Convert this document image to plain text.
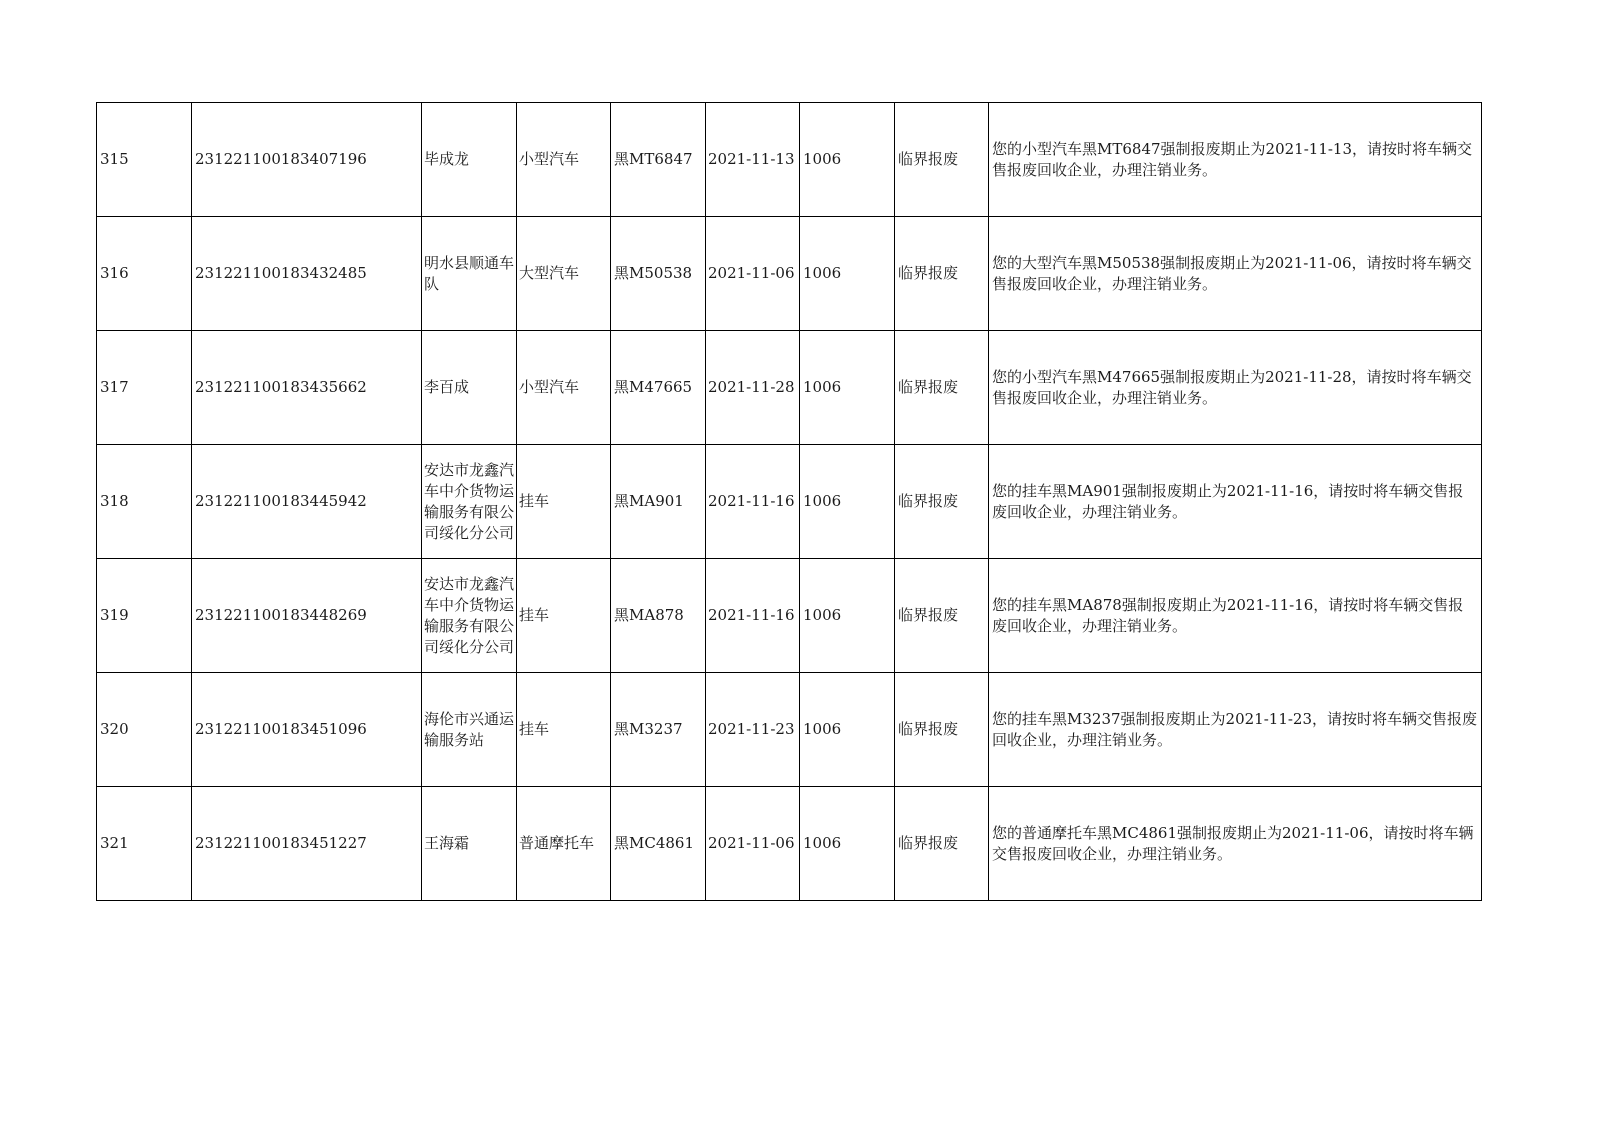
315	231221100183407196	毕成龙	小型汽车	黑MT6847	2021-11-13	1006	临界报废	您的小型汽车黑MT6847强制报废期止为2021-11-13，请按时将车辆交售报废回收企业，办理注销业务。
316	231221100183432485	明水县顺通车队	大型汽车	黑M50538	2021-11-06	1006	临界报废	您的大型汽车黑M50538强制报废期止为2021-11-06，请按时将车辆交售报废回收企业，办理注销业务。
317	231221100183435662	李百成	小型汽车	黑M47665	2021-11-28	1006	临界报废	您的小型汽车黑M47665强制报废期止为2021-11-28，请按时将车辆交售报废回收企业，办理注销业务。
318	231221100183445942	安达市龙鑫汽车中介货物运输服务有限公司绥化分公司	挂车	黑MA901	2021-11-16	1006	临界报废	您的挂车黑MA901强制报废期止为2021-11-16，请按时将车辆交售报废回收企业，办理注销业务。
319	231221100183448269	安达市龙鑫汽车中介货物运输服务有限公司绥化分公司	挂车	黑MA878	2021-11-16	1006	临界报废	您的挂车黑MA878强制报废期止为2021-11-16，请按时将车辆交售报废回收企业，办理注销业务。
320	231221100183451096	海伦市兴通运输服务站	挂车	黑M3237	2021-11-23	1006	临界报废	您的挂车黑M3237强制报废期止为2021-11-23，请按时将车辆交售报废回收企业，办理注销业务。
321	231221100183451227	王海霜	普通摩托车	黑MC4861	2021-11-06	1006	临界报废	您的普通摩托车黑MC4861强制报废期止为2021-11-06，请按时将车辆交售报废回收企业，办理注销业务。
